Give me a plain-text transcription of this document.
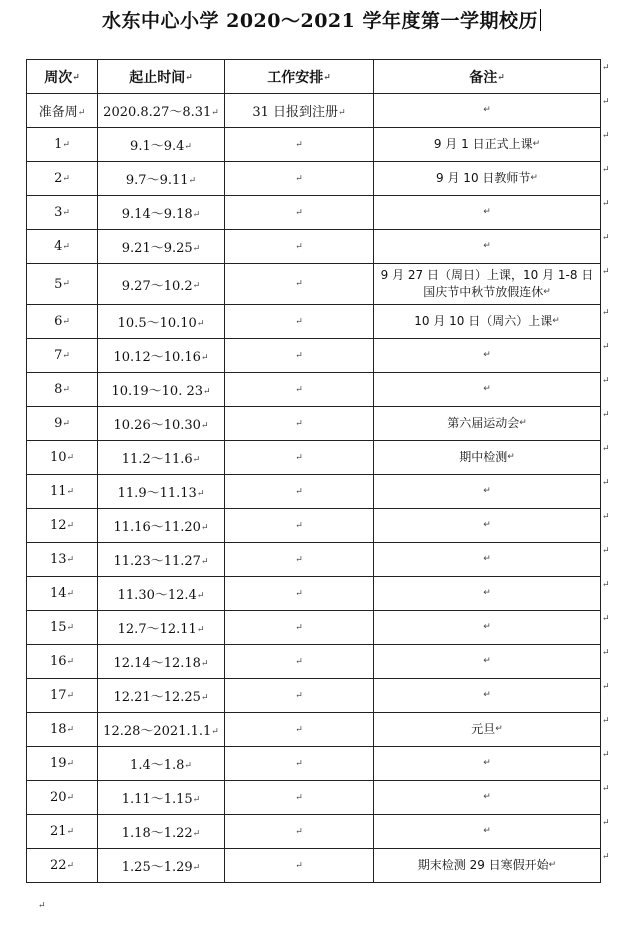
水东中心小学 2020～2021 学年度第一学期校历
周次↵	起止时间↵	工作安排↵	备注↵
准备周↵	2020.8.27～8.31↵	31 日报到注册↵	↵
1↵	9.1～9.4↵	↵	9 月 1 日正式上课↵
2↵	9.7～9.11↵	↵	9 月 10 日教师节↵
3↵	9.14～9.18↵	↵	↵
4↵	9.21～9.25↵	↵	↵
5↵	9.27～10.2↵	↵	9 月 27 日（周日）上课，10 月 1-8 日国庆节中秋节放假连休↵
6↵	10.5～10.10↵	↵	10 月 10 日（周六）上课↵
7↵	10.12～10.16↵	↵	↵
8↵	10.19～10. 23↵	↵	↵
9↵	10.26～10.30↵	↵	第六届运动会↵
10↵	11.2～11.6↵	↵	期中检测↵
11↵	11.9～11.13↵	↵	↵
12↵	11.16～11.20↵	↵	↵
13↵	11.23～11.27↵	↵	↵
14↵	11.30～12.4↵	↵	↵
15↵	12.7～12.11↵	↵	↵
16↵	12.14～12.18↵	↵	↵
17↵	12.21～12.25↵	↵	↵
18↵	12.28～2021.1.1↵	↵	元旦↵
19↵	1.4～1.8↵	↵	↵
20↵	1.11～1.15↵	↵	↵
21↵	1.18～1.22↵	↵	↵
22↵	1.25～1.29↵	↵	期末检测 29 日寒假开始↵
↵
↵
↵
↵
↵
↵
↵
↵
↵
↵
↵
↵
↵
↵
↵
↵
↵
↵
↵
↵
↵
↵
↵
↵
↵
